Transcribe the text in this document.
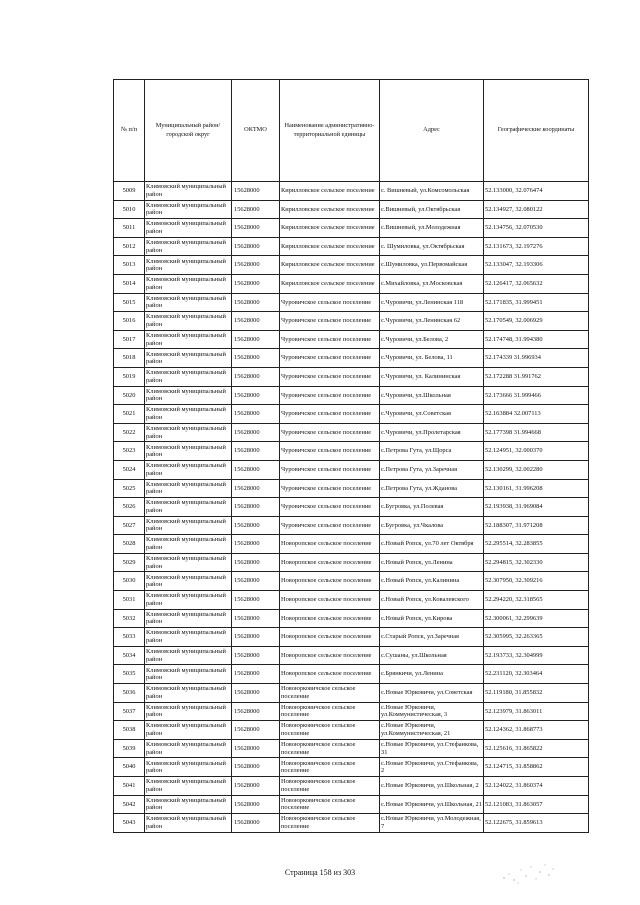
№ п/п	Муниципальный район/городской округ	ОКТМО	Наименование административно-территориальной единицы	Адрес	Географические координаты
5009	Климовский муниципальный район	15628000	Кирилловское сельское поселение	с. Вишневый, ул.Комсомольская	52.133000, 32.076474
5010	Климовский муниципальный район	15628000	Кирилловское сельское поселение	с.Вишневый, ул.Октябрьская	52.134927, 32.080122
5011	Климовский муниципальный район	15628000	Кирилловское сельское поселение	с.Вишневый, ул.Молодежная	52.134756, 32.070530
5012	Климовский муниципальный район	15628000	Кирилловское сельское поселение	с. Шумиловка, ул.Октябрьская	52.131673, 32.197276
5013	Климовский муниципальный район	15628000	Кирилловское сельское поселение	с.Шумиловка, ул.Первомайская	52.133047, 32.193306
5014	Климовский муниципальный район	15628000	Кирилловское сельское поселение	с.Михайловка, ул.Московская	52.126417, 32.065632
5015	Климовский муниципальный район	15628000	Чуровичское сельское поселение	с.Чуровичи, ул.Ленинская 118	52.171835, 31.999451
5016	Климовский муниципальный район	15628000	Чуровичское сельское поселение	с.Чуровичи, ул.Ленинская 62	52.170549, 32.006929
5017	Климовский муниципальный район	15628000	Чуровичское сельское поселение	с.Чуровичи, ул.Белова, 2	52.174748, 31.994380
5018	Климовский муниципальный район	15628000	Чуровичское сельское поселение	с.Чуровичи, ул. Белова, 11	52.174339 31.996934
5019	Климовский муниципальный район	15628000	Чуровичское сельское поселение	с.Чуровичи, ул. Калининская	52.172288 31.991762
5020	Климовский муниципальный район	15628000	Чуровичское сельское поселение	с.Чуровичи, ул.Школьная	52.173666 31.999466
5021	Климовский муниципальный район	15628000	Чуровичское сельское поселение	с.Чуровичи, ул.Советская	52.163884 32.007113
5022	Климовский муниципальный район	15628000	Чуровичское сельское поселение	с.Чуровичи, ул.Пролетарская	52.177398 31.994668
5023	Климовский муниципальный район	15628000	Чуровичское сельское поселение	с.Петрова Гута, ул.Щорса	52.124951, 32.000370
5024	Климовский муниципальный район	15628000	Чуровичское сельское поселение	с.Петрова Гута, ул.Заречная	52.130299, 32.002280
5025	Климовский муниципальный район	15628000	Чуровичское сельское поселение	с.Петрова Гута, ул.Жданова	52.130161, 31.996208
5026	Климовский муниципальный район	15628000	Чуровичское сельское поселение	с.Бугровка, ул.Полевая	52.193938, 31.969084
5027	Климовский муниципальный район	15628000	Чуровичское сельское поселение	с.Бугровка, ул.Чкалова	52.188307, 31.971208
5028	Климовский муниципальный район	15628000	Новоропское сельское поселение	с.Новый Ропск, ул.70 лет Октября	52.295514, 32.283855
5029	Климовский муниципальный район	15628000	Новоропское сельское поселение	с.Новый Ропск, ул.Ленина	52.294815, 32.302330
5030	Климовский муниципальный район	15628000	Новоропское сельское поселение	с.Новый Ропск, ул.Калинина	52.307950, 32.309216
5031	Климовский муниципальный район	15628000	Новоропское сельское поселение	с.Новый Ропск, ул.Ковалевского	52.294220, 32.318565
5032	Климовский муниципальный район	15628000	Новоропское сельское поселение	с.Новый Ропск, ул.Кирова	52.300061, 32.299639
5033	Климовский муниципальный район	15628000	Новоропское сельское поселение	с.Старый Ропск, ул.Заречная	52.305995, 32.263365
5034	Климовский муниципальный район	15628000	Новоропское сельское поселение	с.Сушаны, ул.Школьная	52.193733, 32.304999
5035	Климовский муниципальный район	15628000	Новоропское сельское поселение	с.Брянкичи, ул.Ленина	52.231120, 32.303464
5036	Климовский муниципальный район	15628000	Новоюрковичское сельское поселение	с.Новые Юрковичи, ул.Советская	52.119180, 31.855832
5037	Климовский муниципальный район	15628000	Новоюрковичское сельское поселение	с.Новые Юрковичи, ул.Коммунистическая, 3	52.123979, 31.863011
5038	Климовский муниципальный район	15628000	Новоюрковичское сельское поселение	с.Новые Юрковичи, ул.Коммунистическая, 21	52.124362, 31.868773
5039	Климовский муниципальный район	15628000	Новоюрковичское сельское поселение	с.Новые Юрковичи, ул.Стефанкова, 31	52.125616, 31.865822
5040	Климовский муниципальный район	15628000	Новоюрковичское сельское поселение	с.Новые Юрковичи, ул.Стефанкова, 2	52.124715, 31.858862
5041	Климовский муниципальный район	15628000	Новоюрковичское сельское поселение	с.Новые Юрковичи, ул.Школьная, 2	52.124022, 31.860374
5042	Климовский муниципальный район	15628000	Новоюрковичское сельское поселение	с.Новые Юрковичи, ул.Школьная, 21	52.121083, 31.863057
5043	Климовский муниципальный район	15628000	Новоюрковичское сельское поселение	с.Новые Юрковичи, ул.Молодежная, 7	52.122675, 31.859613
Страница 158 из 303
